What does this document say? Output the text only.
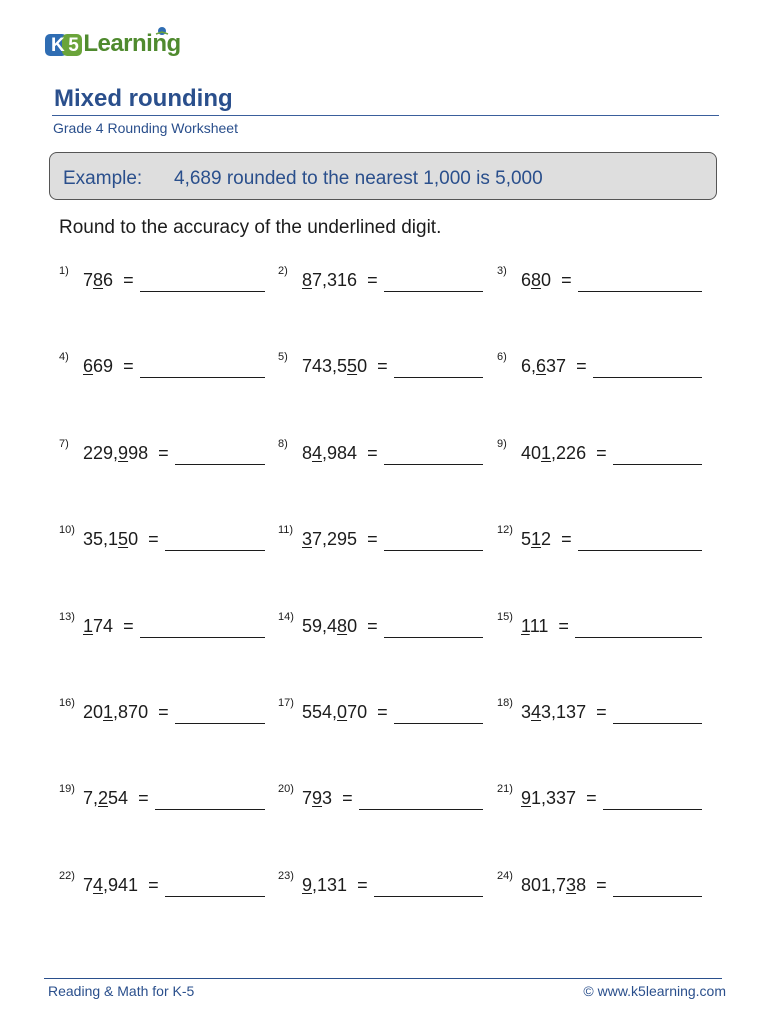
K 5 Learning
Mixed rounding
Grade 4 Rounding Worksheet
Example: 4,689 rounded to the nearest 1,000 is 5,000
Round to the accuracy of the underlined digit.
1 ) 786 =	2 ) 87,316 =	3 ) 680 =
4 ) 669 =	5 ) 743,550 =	6 ) 6,637 =
7 ) 229,998 =	8 ) 84,984 =	9 ) 401,226 =
10 ) 35,150 =	11 ) 37,295 =	12 ) 512 =
13 ) 174 =	14 ) 59,480 =	15 ) 111 =
16 ) 201,870 =	17 ) 554,070 =	18 ) 343,137 =
19 ) 7,254 =	20 ) 793 =	21 ) 91,337 =
22 ) 74,941 =	23 ) 9,131 =	24 ) 801,738 =
Reading & Math for K-5	© www.k5learning.com
